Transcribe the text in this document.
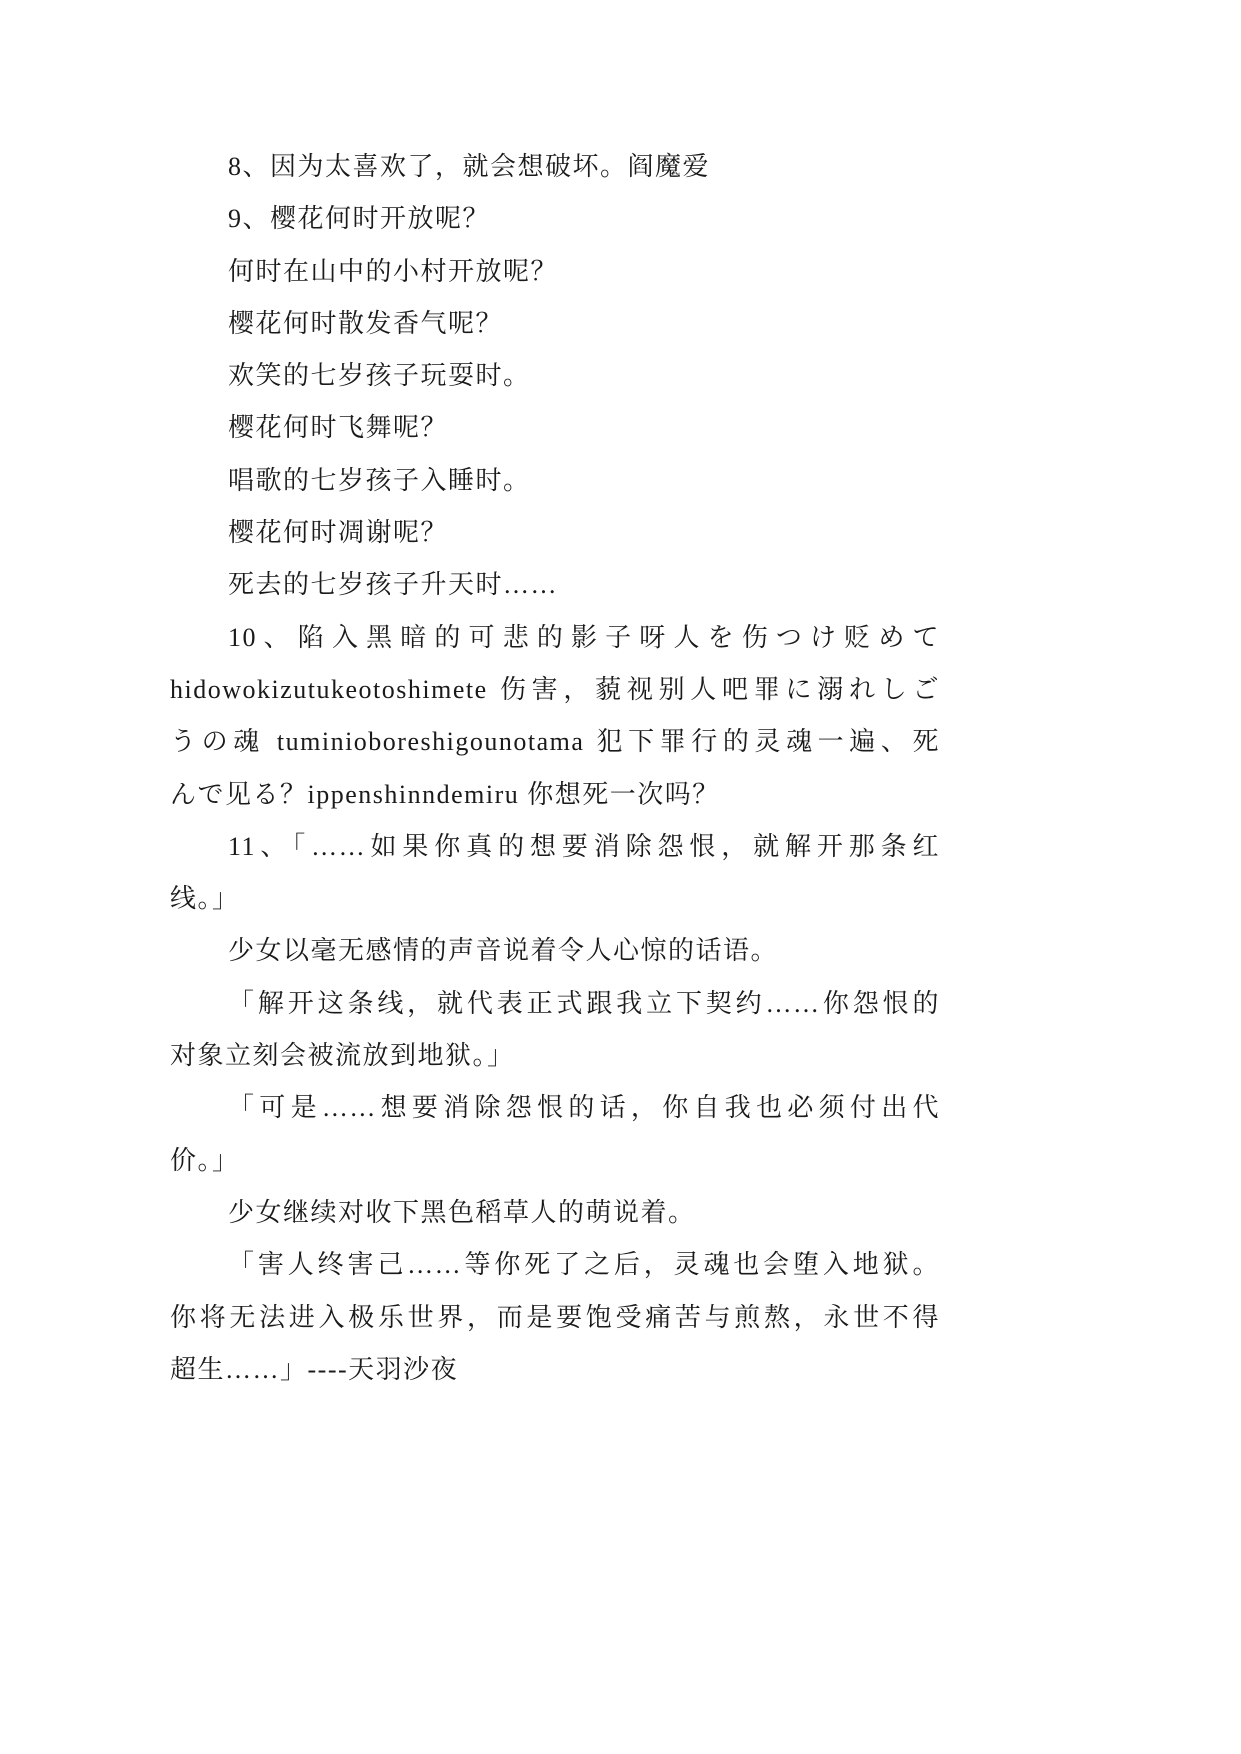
8、因为太喜欢了，就会想破坏。阎魔爱
9、樱花何时开放呢？
何时在山中的小村开放呢？
樱花何时散发香气呢？
欢笑的七岁孩子玩耍时。
樱花何时飞舞呢？
唱歌的七岁孩子入睡时。
樱花何时凋谢呢？
死去的七岁孩子升天时……
10、陷入黑暗的可悲的影子呀人を伤つけ贬めて
hidowokizutukeotoshimete 伤害，藐视别人吧罪に溺れしご
うの魂 tuminioboreshigounotama 犯下罪行的灵魂一遍、死
んで见る？ippenshinndemiru 你想死一次吗？
11、「……如果你真的想要消除怨恨，就解开那条红
线。」
少女以毫无感情的声音说着令人心惊的话语。
「解开这条线，就代表正式跟我立下契约……你怨恨的
对象立刻会被流放到地狱。」
「可是……想要消除怨恨的话，你自我也必须付出代
价。」
少女继续对收下黑色稻草人的萌说着。
「害人终害己……等你死了之后，灵魂也会堕入地狱。
你将无法进入极乐世界，而是要饱受痛苦与煎熬，永世不得
超生……」----天羽沙夜
